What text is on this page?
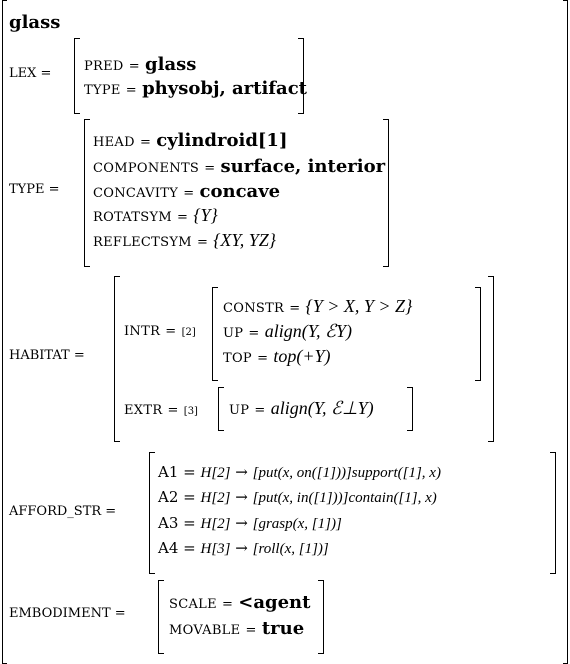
glass
LEX =	PRED = glass
TYPE = physobj, artifact
TYPE =
HEAD = cylindroid[1]
COMPONENTS = surface, interior
CONCAVITY = concave
ROTATSYM = {Y}
REFLECTSYM = {XY, YZ}
HABITAT =
INTR = [2]
CONSTR = {Y > X, Y > Z}
UP = align(Y, ℰY)
TOP = top(+Y)
EXTR = [3] UP = align(Y, ℰ⊥Y)
AFFORD_STR =
A1 = H[2] → [put(x, on([1]))]support([1], x)
A2 = H[2] → [put(x, in([1]))]contain([1], x)
A3 = H[2] → [grasp(x, [1])]
A4 = H[3] → [roll(x, [1])]
EMBODIMENT =
SCALE = <agent
MOVABLE = true
